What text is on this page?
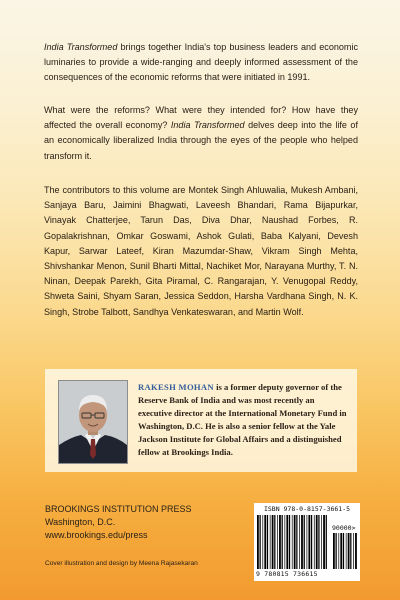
India Transformed brings together India's top business leaders and economic luminaries to provide a wide-ranging and deeply informed assessment of the consequences of the economic reforms that were initiated in 1991.

What were the reforms? What were they intended for? How have they affected the overall economy? India Transformed delves deep into the life of an economically liberalized India through the eyes of the people who helped transform it.

The contributors to this volume are Montek Singh Ahluwalia, Mukesh Ambani, Sanjaya Baru, Jaimini Bhagwati, Laveesh Bhandari, Rama Bijapurkar, Vinayak Chatterjee, Tarun Das, Diva Dhar, Naushad Forbes, R. Gopalakrishnan, Omkar Goswami, Ashok Gulati, Baba Kalyani, Devesh Kapur, Sarwar Lateef, Kiran Mazumdar-Shaw, Vikram Singh Mehta, Shivshankar Menon, Sunil Bharti Mittal, Nachiket Mor, Narayana Murthy, T. N. Ninan, Deepak Parekh, Gita Piramal, C. Rangarajan, Y. Venugopal Reddy, Shweta Saini, Shyam Saran, Jessica Seddon, Harsha Vardhana Singh, N. K. Singh, Strobe Talbott, Sandhya Venkateswaran, and Martin Wolf.

RAKESH MOHAN is a former deputy governor of the Reserve Bank of India and was most recently an executive director at the International Monetary Fund in Washington, D.C. He is also a senior fellow at the Yale Jackson Institute for Global Affairs and a distinguished fellow at Brookings India.

BROOKINGS INSTITUTION PRESS
Washington, D.C.
www.brookings.edu/press
Cover illustration and design by Meena Rajasekaran
ISBN 978-0-8157-3661-5
90000>
9 780815 736615
